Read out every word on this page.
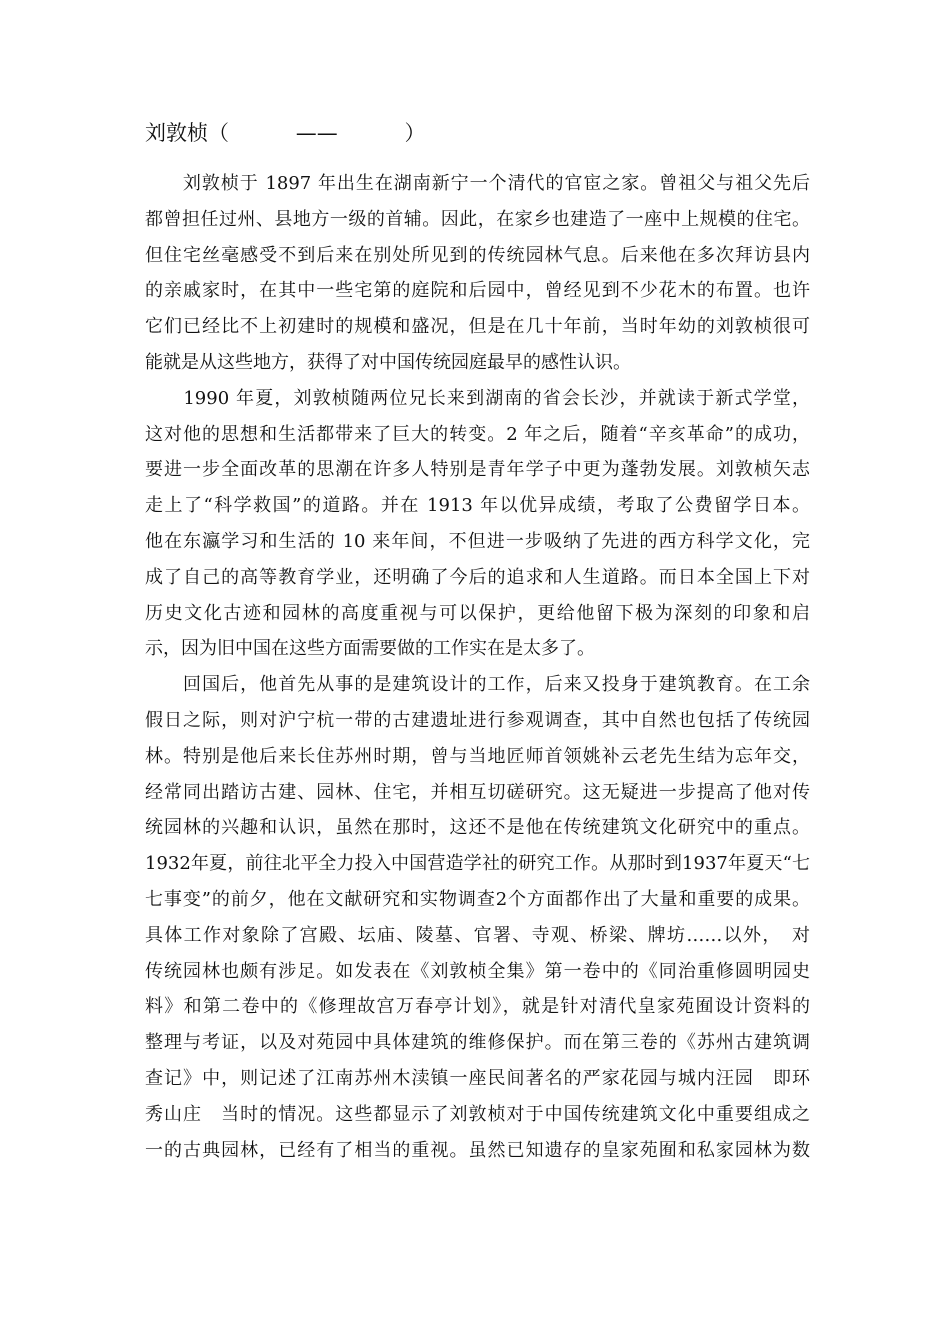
刘敦桢（          ——          ）
　　刘敦桢于 1897 年出生在湖南新宁一个清代的官宦之家。曾祖父与祖父先后
都曾担任过州、县地方一级的首辅。因此，在家乡也建造了一座中上规模的住宅。
但住宅丝毫感受不到后来在别处所见到的传统园林气息。后来他在多次拜访县内
的亲戚家时，在其中一些宅第的庭院和后园中，曾经见到不少花木的布置。也许
它们已经比不上初建时的规模和盛况，但是在几十年前，当时年幼的刘敦桢很可
能就是从这些地方，获得了对中国传统园庭最早的感性认识。
　　1990 年夏，刘敦桢随两位兄长来到湖南的省会长沙，并就读于新式学堂，
这对他的思想和生活都带来了巨大的转变。2 年之后，随着“辛亥革命”的成功，
要进一步全面改革的思潮在许多人特别是青年学子中更为蓬勃发展。刘敦桢矢志
走上了“科学救国”的道路。并在 1913 年以优异成绩，考取了公费留学日本。
他在东瀛学习和生活的 10 来年间，不但进一步吸纳了先进的西方科学文化，完
成了自己的高等教育学业，还明确了今后的追求和人生道路。而日本全国上下对
历史文化古迹和园林的高度重视与可以保护，更给他留下极为深刻的印象和启
示，因为旧中国在这些方面需要做的工作实在是太多了。
　　回国后，他首先从事的是建筑设计的工作，后来又投身于建筑教育。在工余
假日之际，则对沪宁杭一带的古建遗址进行参观调查，其中自然也包括了传统园
林。特别是他后来长住苏州时期，曾与当地匠师首领姚补云老先生结为忘年交，
经常同出踏访古建、园林、住宅，并相互切磋研究。这无疑进一步提高了他对传
统园林的兴趣和认识，虽然在那时，这还不是他在传统建筑文化研究中的重点。
1932年夏，前往北平全力投入中国营造学社的研究工作。从那时到1937年夏天“七
七事变”的前夕，他在文献研究和实物调查2个方面都作出了大量和重要的成果。
具体工作对象除了宫殿、坛庙、陵墓、官署、寺观、桥梁、牌坊……以外，　对
传统园林也颇有涉足。如发表在《刘敦桢全集》第一卷中的《同治重修圆明园史
料》和第二卷中的《修理故宫万春亭计划》，就是针对清代皇家苑囿设计资料的
整理与考证，以及对苑园中具体建筑的维修保护。而在第三卷的《苏州古建筑调
查记》中，则记述了江南苏州木渎镇一座民间著名的严家花园与城内汪园　即环
秀山庄　当时的情况。这些都显示了刘敦桢对于中国传统建筑文化中重要组成之
一的古典园林，已经有了相当的重视。虽然已知遗存的皇家苑囿和私家园林为数
